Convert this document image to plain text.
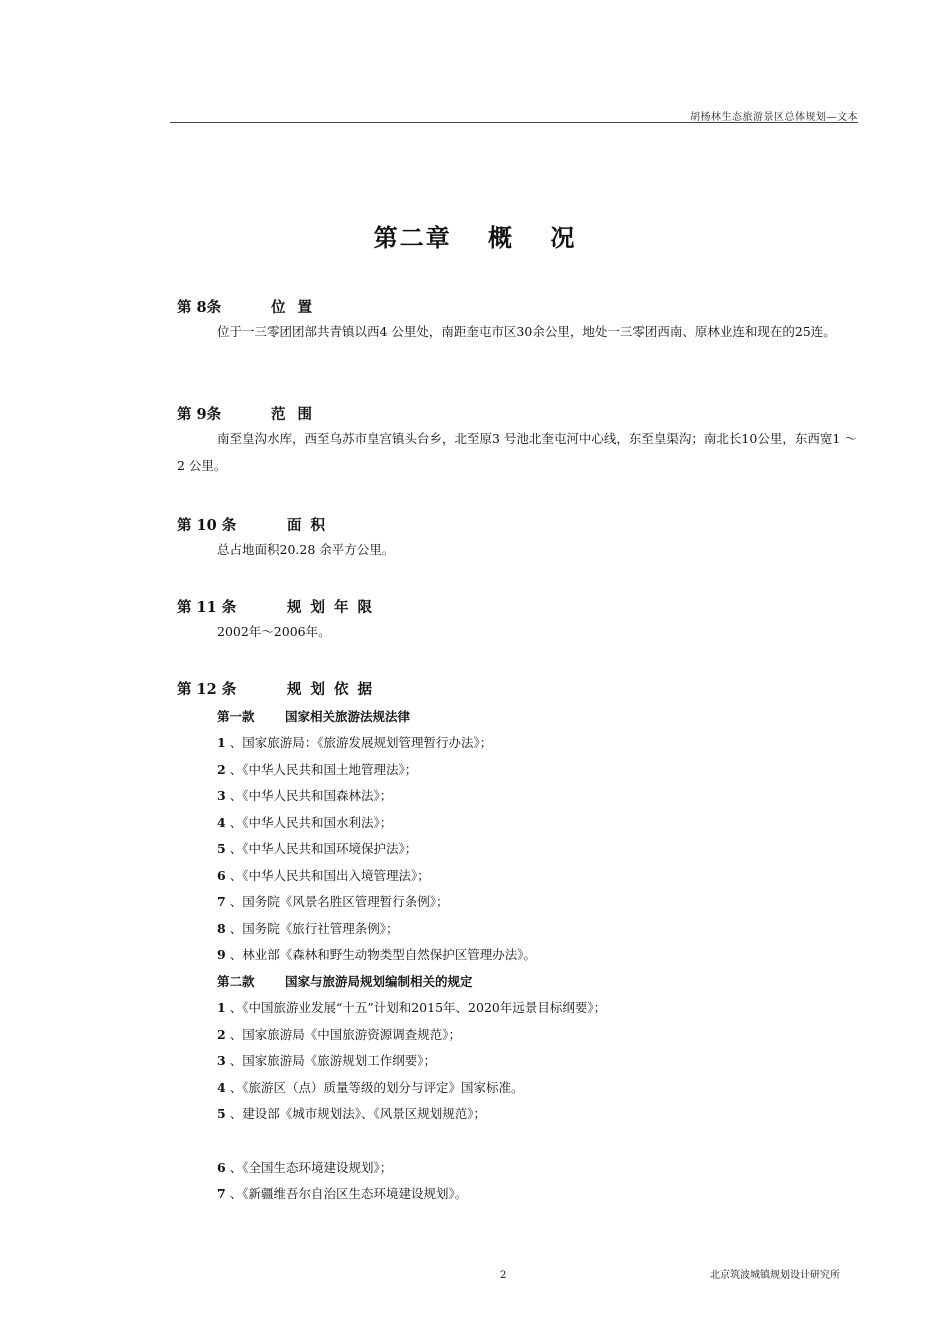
胡杨林生态旅游景区总体规划—文本
第二章 概 况
第 8条	位置
位于一三零团团部共青镇以西4 公里处，南距奎屯市区30余公里，地处一三零团西南、原林业连和现在的25连。
第 9条	范围
南至皇沟水库，西至乌苏市皇宫镇头台乡，北至原3 号池北奎屯河中心线，东至皇渠沟；南北长10公里，东西宽1 ～2 公里。
第 10 条	面积
总占地面积20.28 余平方公里。
第 11 条	规划年限
2002年～2006年。
第 12 条	规划依据
第一款 国家相关旅游法规法律
1 、国家旅游局：《旅游发展规划管理暂行办法》；
2 、《中华人民共和国土地管理法》；
3 、《中华人民共和国森林法》；
4 、《中华人民共和国水利法》；
5 、《中华人民共和国环境保护法》；
6 、《中华人民共和国出入境管理法》；
7 、国务院《风景名胜区管理暂行条例》；
8 、国务院《旅行社管理条例》；
9 、林业部《森林和野生动物类型自然保护区管理办法》。
第二款 国家与旅游局规划编制相关的规定
1 、《中国旅游业发展“十五”计划和2015年、2020年远景目标纲要》；
2 、国家旅游局《中国旅游资源调查规范》；
3 、国家旅游局《旅游规划工作纲要》；
4 、《旅游区（点）质量等级的划分与评定》国家标准。
5 、建设部《城市规划法》、《风景区规划规范》；
6 、《全国生态环境建设规划》；
7 、《新疆维吾尔自治区生态环境建设规划》。
2	北京筑波城镇规划设计研究所
